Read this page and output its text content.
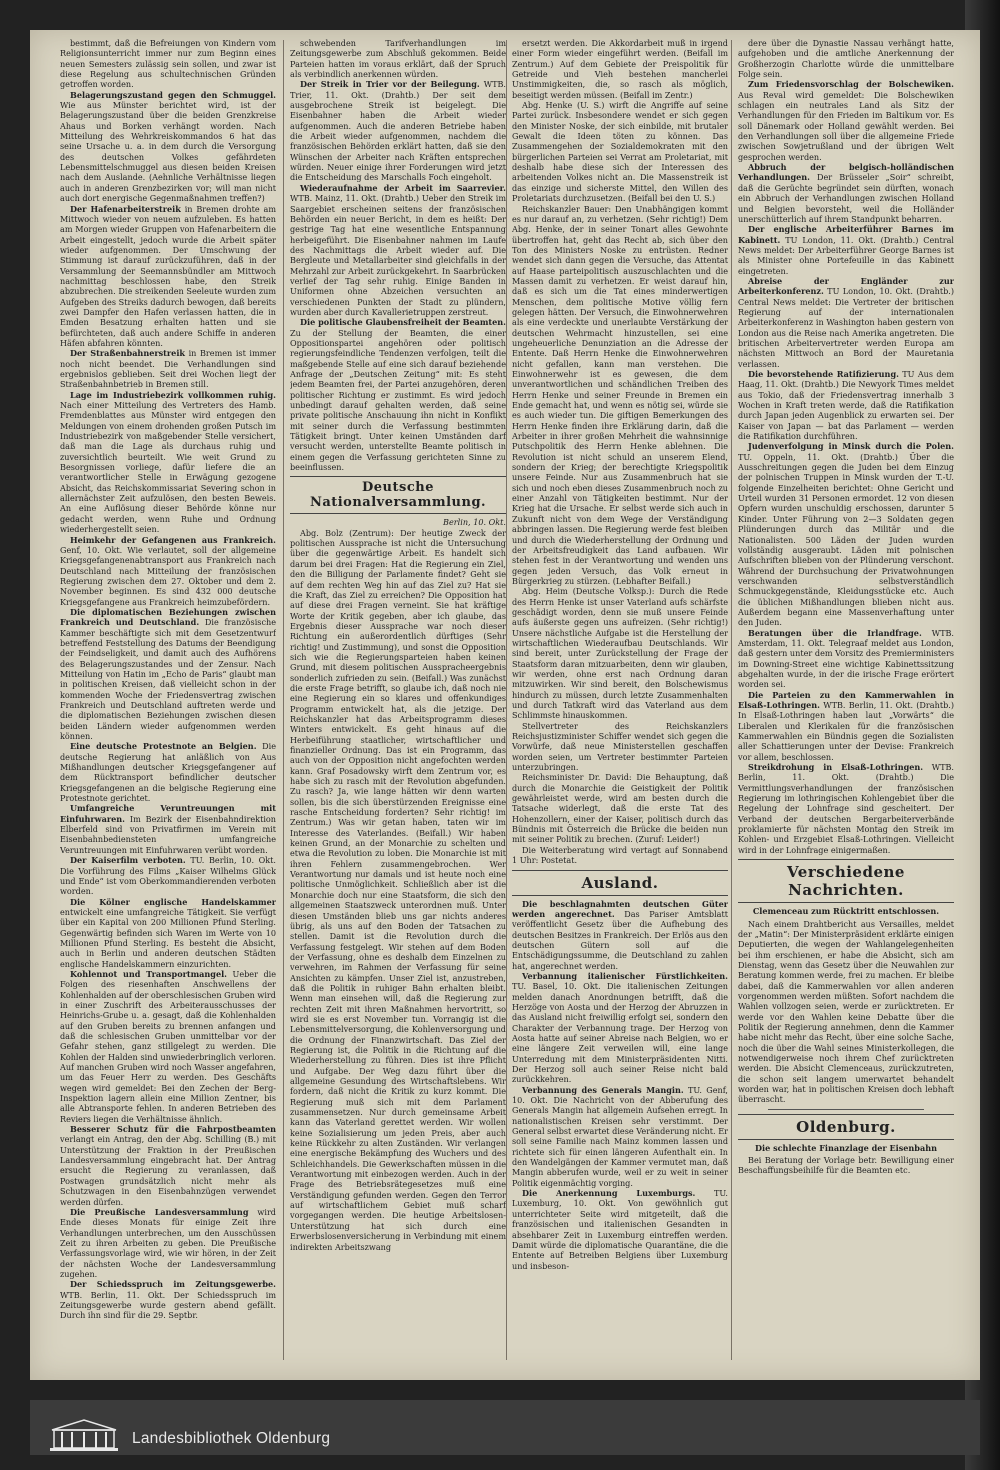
bestimmt, daß die Befreiungen von Kindern vom Religionsunterricht immer nur zum Beginn eines neuen Semesters zulässig sein sollen, und zwar ist diese Regelung aus schultechnischen Gründen getroffen worden.

Belagerungszustand gegen den Schmuggel. Wie aus Münster berichtet wird, ist der Belagerungszustand über die beiden Grenzkreise Ahaus und Borken verhängt worden. Nach Mitteilung des Wehrkreiskommandos 6 hat das seine Ursache u. a. in dem durch die Versorgung des deutschen Volkes gefährdeten Lebensmittelschmuggel aus diesen beiden Kreisen nach dem Auslande. (Aehnliche Verhältnisse liegen auch in anderen Grenzbezirken vor; will man nicht auch dort energische Gegenmaßnahmen treffen?)

Der Hafenarbeiterstreik in Bremen drohte am Mittwoch wieder von neuem aufzuleben. Es hatten am Morgen wieder Gruppen von Hafenarbeitern die Arbeit eingestellt, jedoch wurde die Arbeit später wieder aufgenommen. Der Umschwung der Stimmung ist darauf zurückzuführen, daß in der Versammlung der Seemannsbündler am Mittwoch nachmittag beschlossen habe, den Streik abzubrechen. Die streikenden Seeleute wurden zum Aufgeben des Streiks dadurch bewogen, daß bereits zwei Dampfer den Hafen verlassen hatten, die in Emden Besatzung erhalten hatten und sie befürchteten, daß auch andere Schiffe in anderen Häfen abfahren könnten.

Der Straßenbahnerstreik in Bremen ist immer noch nicht beendet. Die Verhandlungen sind ergebnislos geblieben. Seit drei Wochen liegt der Straßenbahnbetrieb in Bremen still.

Lage im Industriebezirk vollkommen ruhig. Nach einer Mitteilung des Vertreters des Hamb. Fremdenblattes aus Münster wird entgegen den Meldungen von einem drohenden großen Putsch im Industriebezirk von maßgebender Stelle versichert, daß man die Lage als durchaus ruhig und zuversichtlich beurteilt. Wie weit Grund zu Besorgnissen vorliege, dafür liefere die an verantwortlicher Stelle in Erwägung gezogene Absicht, das Reichskommissariat Severing schon in allernächster Zeit aufzulösen, den besten Beweis. An eine Auflösung dieser Behörde könne nur gedacht werden, wenn Ruhe und Ordnung wiederhergestellt seien.

Heimkehr der Gefangenen aus Frankreich. Genf, 10. Okt. Wie verlautet, soll der allgemeine Kriegsgefangenenabtransport aus Frankreich nach Deutschland nach Mitteilung der französischen Regierung zwischen dem 27. Oktober und dem 2. November beginnen. Es sind 432 000 deutsche Kriegsgefangene aus Frankreich heimzubefördern.

Die diplomatischen Beziehungen zwischen Frankreich und Deutschland. Die französische Kammer beschäftigte sich mit dem Gesetzentwurf betreffend Feststellung des Datums der Beendigung der Feindseligkeit, und damit auch des Aufhörens des Belagerungszustandes und der Zensur. Nach Mitteilung von Hatin im „Echo de Paris“ glaubt man in politischen Kreisen, daß vielleicht schon in der kommenden Woche der Friedensvertrag zwischen Frankreich und Deutschland auftreten werde und die diplomatischen Beziehungen zwischen diesen beiden Ländern wieder aufgenommen werden können.

Eine deutsche Protestnote an Belgien. Die deutsche Regierung hat anläßlich von Aus Mißhandlungen deutscher Kriegsgefangener auf dem Rücktransport befindlicher deutscher Kriegsgefangenen an die belgische Regierung eine Protestnote gerichtet.

Umfangreiche Veruntreuungen mit Einfuhrwaren. Im Bezirk der Eisenbahndirektion Elberfeld sind von Privatfirmen im Verein mit Eisenbahnbediensteten umfangreiche Veruntreuungen mit Einfuhrwaren verübt worden.

Der Kaiserfilm verboten. TU. Berlin, 10. Okt. Die Vorführung des Films „Kaiser Wilhelms Glück und Ende“ ist vom Oberkommandierenden verboten worden.

Die Kölner englische Handelskammer entwickelt eine umfangreiche Tätigkeit. Sie verfügt über ein Kapital von 200 Millionen Pfund Sterling. Gegenwärtig befinden sich Waren im Werte von 10 Millionen Pfund Sterling. Es besteht die Absicht, auch in Berlin und anderen deutschen Städten englische Handelskammern einzurichten.

Kohlennot und Transportmangel. Ueber die Folgen des riesenhaften Anschwellens der Kohlenhalden auf der oberschlesischen Gruben wird in einer Zuschrift des Arbeiterausschusses der Heinrichs-Grube u. a. gesagt, daß die Kohlenhalden auf den Gruben bereits zu brennen anfangen und daß die schlesischen Gruben unmittelbar vor der Gefahr stehen, ganz stillgelegt zu werden. Die Kohlen der Halden sind unwiederbringlich verloren. Auf manchen Gruben wird noch Wasser angefahren, um das Feuer Herr zu werden. Des Geschäfts wegen wird gemeldet: Bei den Zechen der Berg-Inspektion lagern allein eine Million Zentner, bis alle Abtransporte fehlen. In anderen Betrieben des Reviers liegen die Verhältnisse ähnlich.

Besserer Schutz für die Fahrpostbeamten verlangt ein Antrag, den der Abg. Schilling (B.) mit Unterstützung der Fraktion in der Preußischen Landesversammlung eingebracht hat. Der Antrag ersucht die Regierung zu veranlassen, daß Postwagen grundsätzlich nicht mehr als Schutzwagen in den Eisenbahnzügen verwendet werden dürfen.

Die Preußische Landesversammlung wird Ende dieses Monats für einige Zeit ihre Verhandlungen unterbrechen, um den Ausschüssen Zeit zu ihren Arbeiten zu geben. Die Preußische Verfassungsvorlage wird, wie wir hören, in der Zeit der nächsten Woche der Landesversammlung zugehen.

Der Schiedsspruch im Zeitungsgewerbe. WTB. Berlin, 11. Okt. Der Schiedsspruch im Zeitungsgewerbe wurde gestern abend gefällt. Durch ihn sind für die 29. Septbr.

schwebenden Tarifverhandlungen im Zeitungsgewerbe zum Abschluß gekommen. Beide Parteien hatten im voraus erklärt, daß der Spruch als verbindlich anerkennen würden.

Der Streik in Trier vor der Beilegung. WTB. Trier, 11. Okt. (Drahtb.) Der seit dem ausgebrochene Streik ist beigelegt. Die Eisenbahner haben die Arbeit wieder aufgenommen. Auch die anderen Betriebe haben die Arbeit wieder aufgenommen, nachdem die französischen Behörden erklärt hatten, daß sie den Wünschen der Arbeiter nach Kräften entsprechen würden. Neuer einige ihrer Forderungen wird jetzt die Entscheidung des Marschalls Foch eingeholt.

Wiederaufnahme der Arbeit im Saarrevier. WTB. Mainz, 11. Okt. (Drahtb.) Ueber den Streik im Saargebiet erscheinen seitens der französischen Behörden ein neuer Bericht, in dem es heißt: Der gestrige Tag hat eine wesentliche Entspannung herbeigeführt. Die Eisenbahner nahmen im Laufe des Nachmittags die Arbeit wieder auf. Die Bergleute und Metallarbeiter sind gleichfalls in der Mehrzahl zur Arbeit zurückgekehrt. In Saarbrücken verlief der Tag sehr ruhig. Einige Banden in Uniformen ohne Abzeichen versuchten an verschiedenen Punkten der Stadt zu plündern, wurden aber durch Kavallerietruppen zerstreut.

Die politische Glaubensfreiheit der Beamten. Zu der Stellung der Beamten, die einer Oppositionspartei angehören oder politisch regierungsfeindliche Tendenzen verfolgen, teilt die maßgebende Stelle auf eine sich darauf beziehende Anfrage der „Deutschen Zeitung“ mit: Es steht jedem Beamten frei, der Partei anzugehören, deren politischer Richtung er zustimmt. Es wird jedoch unbedingt darauf gehalten werden, daß seine private politische Anschauung ihn nicht in Konflikt mit seiner durch die Verfassung bestimmten Tätigkeit bringt. Unter keinen Umständen darf versucht werden, unterstellte Beamte politisch in einem gegen die Verfassung gerichteten Sinne zu beeinflussen.

Deutsche Nationalversammlung.
Berlin, 10. Okt.

Abg. Bolz (Zentrum): Der heutige Zweck der politischen Aussprache ist nicht die Untersuchung über die gegenwärtige Arbeit. Es handelt sich darum bei drei Fragen: Hat die Regierung ein Ziel, den die Billigung der Parlamente findet? Geht sie auf dem rechten Weg hin auf das Ziel zu? Hat sie die Kraft, das Ziel zu erreichen? Die Opposition hat auf diese drei Fragen verneint. Sie hat kräftige Worte der Kritik gegeben, aber ich glaube, das Ergebnis dieser Aussprache war noch dieser Richtung ein außerordentlich dürftiges (Sehr richtig! und Zustimmung), und sonst die Opposition sich wie die Regierungsparteien haben keinen Grund, mit diesem politischen Ausspracheergebnis sonderlich zufrieden zu sein. (Beifall.) Was zunächst die erste Frage betrifft, so glaube ich, daß noch nie eine Regierung ein so klares und offenkundiges Programm entwickelt hat, als die jetzige. Der Reichskanzler hat das Arbeitsprogramm dieses Winters entwickelt. Es geht hinaus auf die Herbeiführung staatlicher, wirtschaftlicher und finanzieller Ordnung. Das ist ein Programm, das auch von der Opposition nicht angefochten werden kann. Graf Posadowsky wirft dem Zentrum vor, es habe sich zu rasch mit der Revolution abgefunden. Zu rasch? Ja, wie lange hätten wir denn warten sollen, bis die sich überstürzenden Ereignisse eine rasche Entscheidung forderten? Sehr richtig! im Zentrum.) Was wir getan haben, taten wir im Interesse des Vaterlandes. (Beifall.) Wir haben keinen Grund, an der Monarchie zu schelten und etwa die Revolution zu loben. Die Monarchie ist mit ihren Fehlern zusammengebrochen. Wer Verantwortung nur damals und ist heute noch eine politische Unmöglichkeit. Schließlich aber ist die Monarchie doch nur eine Staatsform, die sich den allgemeinen Staatszweck unterordnen muß. Unter diesen Umständen blieb uns gar nichts anderes übrig, als uns auf den Boden der Tatsachen zu stellen. Damit ist die Revolution durch die Verfassung festgelegt. Wir stehen auf dem Boden der Verfassung, ohne es deshalb dem Einzelnen zu verwehren, im Rahmen der Verfassung für seine Ansichten zu kämpfen. Unser Ziel ist, anzustreben, daß die Politik in ruhiger Bahn erhalten bleibt. Wenn man einsehen will, daß die Regierung zur rechten Zeit mit ihren Maßnahmen hervortritt, so wird sie es erst November tun. Vorrangig ist die Lebensmittelversorgung, die Kohlenversorgung und die Ordnung der Finanzwirtschaft. Das Ziel der Regierung ist, die Politik in die Richtung auf die Wiederherstellung zu führen. Dies ist ihre Pflicht und Aufgabe. Der Weg dazu führt über die allgemeine Gesundung des Wirtschaftslebens. Wir fordern, daß nicht die Kritik zu kurz kommt. Die Regierung muß sich mit dem Parlament zusammensetzen. Nur durch gemeinsame Arbeit kann das Vaterland gerettet werden. Wir wollen keine Sozialisierung um jeden Preis, aber auch keine Rückkehr zu alten Zuständen. Wir verlangen eine energische Bekämpfung des Wuchers und des Schleichhandels. Die Gewerkschaften müssen in die Verantwortung mit einbezogen werden. Auch in der Frage des Betriebsrätegesetzes muß eine Verständigung gefunden werden. Gegen den Terror auf wirtschaftlichem Gebiet muß scharf vorgegangen werden. Die heutige Arbeitslosen-Unterstützung hat sich durch eine Erwerbslosenversicherung in Verbindung mit einem indirekten Arbeitszwang

ersetzt werden. Die Akkordarbeit muß in irgend einer Form wieder eingeführt werden. (Beifall im Zentrum.) Auf dem Gebiete der Preispolitik für Getreide und Vieh bestehen mancherlei Unstimmigkeiten, die, so rasch als möglich, beseitigt werden müssen. (Beifall im Zentr.)

Abg. Henke (U. S.) wirft die Angriffe auf seine Partei zurück. Insbesondere wendet er sich gegen den Minister Noske, der sich einbilde, mit brutaler Gewalt die Ideen töten zu können. Das Zusammengehen der Sozialdemokraten mit den bürgerlichen Parteien sei Verrat am Proletariat, mit deshalb habe diese sich der Interessen des arbeitenden Volkes nicht an. Die Massenstreik ist das einzige und sicherste Mittel, den Willen des Proletariats durchzusetzen. (Beifall bei den U. S.)

Reichskanzler Bauer: Den Unabhängigen kommt es nur darauf an, zu verhetzen. (Sehr richtig!) Dem Abg. Henke, der in seiner Tonart alles Gewohnte übertroffen hat, geht das Recht ab, sich über den Ton des Ministers Noske zu entrüsten. Redner wendet sich dann gegen die Versuche, das Attentat auf Haase parteipolitisch auszuschlachten und die Massen damit zu verhetzen. Er weist darauf hin, daß es sich um die Tat eines minderwertigen Menschen, dem politische Motive völlig fern gelegen hätten. Der Versuch, die Einwohnerwehren als eine verdeckte und unerlaubte Verstärkung der deutschen Wehrmacht hinzustellen, sei eine ungeheuerliche Denunziation an die Adresse der Entente. Daß Herrn Henke die Einwohnerwehren nicht gefallen, kann man verstehen. Die Einwohnerwehr ist es gewesen, die dem unverantwortlichen und schändlichen Treiben des Herrn Henke und seiner Freunde in Bremen ein Ende gemacht hat, und wenn es nötig sei, würde sie es auch wieder tun. Die giftigen Bemerkungen des Herrn Henke finden ihre Erklärung darin, daß die Arbeiter in ihrer großen Mehrheit die wahnsinnige Putschpolitik des Herrn Henke ablehnen. Die Revolution ist nicht schuld an unserem Elend, sondern der Krieg; der berechtigte Kriegspolitik unsere Feinde. Nur aus Zusammenbruch hat sie sich und noch eben dieses Zusammenbruch noch zu einer Anzahl von Tätigkeiten bestimmt. Nur der Krieg hat die Ursache. Er selbst werde sich auch in Zukunft nicht von dem Wege der Verständigung abbringen lassen. Die Regierung werde fest bleiben und durch die Wiederherstellung der Ordnung und der Arbeitsfreudigkeit das Land aufbauen. Wir stehen fest in der Verantwortung und wenden uns gegen jeden Versuch, das Volk erneut in Bürgerkrieg zu stürzen. (Lebhafter Beifall.)

Abg. Heim (Deutsche Volksp.): Durch die Rede des Herrn Henke ist unser Vaterland aufs schärfste geschädigt worden, denn sie muß unsere Feinde aufs äußerste gegen uns aufreizen. (Sehr richtig!) Unsere nächstliche Aufgabe ist die Herstellung der wirtschaftlichen Wiederaufbau Deutschlands. Wir sind bereit, unter Zurückstellung der Frage der Staatsform daran mitzuarbeiten, denn wir glauben, wir werden, ohne erst nach Ordnung daran mitzuwirken. Wir sind bereit, den Bolschewismus hindurch zu müssen, durch letzte Zusammenhalten und durch Tatkraft wird das Vaterland aus dem Schlimmste hinauskommen.

Stellvertreter des Reichskanzlers Reichsjustizminister Schiffer wendet sich gegen die Vorwürfe, daß neue Ministerstellen geschaffen worden seien, um Vertreter bestimmter Parteien unterzubringen.

Reichsminister Dr. David: Die Behauptung, daß durch die Monarchie die Geistigkeit der Politik gewährleistet werde, wird am besten durch die Tatsache widerlegt, daß die erste Tat des Hohenzollern, einer der Kaiser, politisch durch das Bündnis mit Österreich die Brücke die beiden nun mit seiner Politik zu brechen. (Zuruf: Leider!)

Die Weiterberatung wird vertagt auf Sonnabend 1 Uhr: Postetat.

Ausland.

Die beschlagnahmten deutschen Güter werden angerechnet. Das Pariser Amtsblatt veröffentlicht Gesetz über die Aufhebung des deutschen Besitzes in Frankreich. Der Erlös aus den deutschen Gütern soll auf die Entschädigungssumme, die Deutschland zu zahlen hat, angerechnet werden.

Verbannung italienischer Fürstlichkeiten. TU. Basel, 10. Okt. Die italienischen Zeitungen melden danach Anordnungen betrifft, daß die Herzöge von Aosta und der Herzog der Abruzzen in das Ausland nicht freiwillig erfolgt sei, sondern den Charakter der Verbannung trage. Der Herzog von Aosta hatte auf seiner Abreise nach Belgien, wo er eine längere Zeit verweilen will, eine lange Unterredung mit dem Ministerpräsidenten Nitti. Der Herzog soll auch seiner Reise nicht bald zurückkehren.

Verbannung des Generals Mangin. TU. Genf, 10. Okt. Die Nachricht von der Abberufung des Generals Mangin hat allgemein Aufsehen erregt. In nationalistischen Kreisen sehr verstimmt. Der General selbst erwartet diese Veränderung nicht. Er soll seine Familie nach Mainz kommen lassen und richtete sich für einen längeren Aufenthalt ein. In den Wandelgängen der Kammer vermutet man, daß Mangin abberufen wurde, weil er zu weit in seiner Politik eigenmächtig vorging.

Die Anerkennung Luxemburgs. TU. Luxemburg, 10. Okt. Von gewöhnlich gut unterrichteter Seite wird mitgeteilt, daß die französischen und italienischen Gesandten in absehbarer Zeit in Luxemburg eintreffen werden. Damit würde die diplomatische Quarantäne, die die Entente auf Betreiben Belgiens über Luxemburg und insbeson-

dere über die Dynastie Nassau verhängt hatte, aufgehoben und die amtliche Anerkennung der Großherzogin Charlotte würde die unmittelbare Folge sein.

Zum Friedensvorschlag der Bolschewiken. Aus Reval wird gemeldet: Die Bolschewiken schlagen ein neutrales Land als Sitz der Verhandlungen für den Frieden im Baltikum vor. Es soll Dänemark oder Holland gewählt werden. Bei den Verhandlungen soll über die allgemeine Friede zwischen Sowjetrußland und der übrigen Welt gesprochen werden.

Abbruch der belgisch-holländischen Verhandlungen. Der Brüsseler „Soir“ schreibt, daß die Gerüchte begründet sein dürften, wonach ein Abbruch der Verhandlungen zwischen Holland und Belgien bevorsteht, weil die Holländer unerschütterlich auf ihrem Standpunkt beharren.

Der englische Arbeiterführer Barnes im Kabinett. TU London, 11. Okt. (Drahtb.) Central News meldet: Der Arbeiterführer George Barnes ist als Minister ohne Portefeuille in das Kabinett eingetreten.

Abreise der Engländer zur Arbeiterkonferenz. TU London, 10. Okt. (Drahtb.) Central News meldet: Die Vertreter der britischen Regierung auf der internationalen Arbeiterkonferenz in Washington haben gestern von London aus die Reise nach Amerika angetreten. Die britischen Arbeitervertreter werden Europa am nächsten Mittwoch an Bord der Mauretania verlassen.

Die bevorstehende Ratifizierung. TU Aus dem Haag, 11. Okt. (Drahtb.) Die Newyork Times meldet aus Tokio, daß der Friedensvertrag innerhalb 3 Wochen in Kraft treten werde, daß die Ratifikation durch Japan jeden Augenblick zu erwarten sei. Der Kaiser von Japan — bat das Parlament — werden die Ratifikation durchführen.

Judenverfolgung in Minsk durch die Polen. TU. Oppeln, 11. Okt. (Drahtb.) Über die Ausschreitungen gegen die Juden bei dem Einzug der polnischen Truppen in Minsk wurden der T.-U. folgende Einzelheiten berichtet: Ohne Gericht und Urteil wurden 31 Personen ermordet. 12 von diesen Opfern wurden unschuldig erschossen, darunter 5 Kinder. Unter Führung von 2—3 Soldaten gegen Plünderungen durch das Militär und die Nationalisten. 500 Läden der Juden wurden vollständig ausgeraubt. Läden mit polnischen Aufschriften blieben von der Plünderung verschont. Während der Durchsuchung der Privatwohnungen verschwanden selbstverständlich Schmuckgegenstände, Kleidungsstücke etc. Auch die üblichen Mißhandlungen blieben nicht aus. Außerdem begann eine Massenverhaftung unter den Juden.

Beratungen über die Irlandfrage. WTB. Amsterdam, 11. Okt. Telegraaf meldet aus London, daß gestern unter dem Vorsitz des Premierministers im Downing-Street eine wichtige Kabinettssitzung abgehalten wurde, in der die irische Frage erörtert worden sei.

Die Parteien zu den Kammerwahlen in Elsaß-Lothringen. WTB. Berlin, 11. Okt. (Drahtb.) In Elsaß-Lothringen haben laut „Vorwärts“ die Liberalen und Klerikalen für die französischen Kammerwahlen ein Bündnis gegen die Sozialisten aller Schattierungen unter der Devise: Frankreich vor allem, beschlossen.

Streikdrohung in Elsaß-Lothringen. WTB. Berlin, 11. Okt. (Drahtb.) Die Vermittlungsverhandlungen der französischen Regierung im lothringischen Kohlengebiet über die Regelung der Lohnfrage sind gescheitert. Der Verband der deutschen Bergarbeiterverbände proklamierte für nächsten Montag den Streik im Kohlen- und Erzgebiet Elsaß-Lothringen. Vielleicht wird in der Lohnfrage einigermaßen.

Verschiedene Nachrichten.
Clemenceau zum Rücktritt entschlossen.

Nach einem Drahtbericht aus Versailles, meldet der „Matin“: Der Ministerpräsident erklärte einigen Deputierten, die wegen der Wahlangelegenheiten bei ihm erschienen, er habe die Absicht, sich am Dienstag, wenn das Gesetz über die Neuwahlen zur Beratung kommen werde, frei zu machen. Er bleibe dabei, daß die Kammerwahlen vor allen anderen vorgenommen werden müßten. Sofort nachdem die Wahlen vollzogen seien, werde er zurücktreten. Er werde vor den Wahlen keine Debatte über die Politik der Regierung annehmen, denn die Kammer habe nicht mehr das Recht, über eine solche Sache, noch die über die Wahl seines Ministerkollegen, die notwendigerweise noch ihrem Chef zurücktreten werden. Die Absicht Clemenceaus, zurückzutreten, die schon seit langem umerwartet behandelt worden war, hat in politischen Kreisen doch lebhaft überrascht.

Oldenburg.
Die schlechte Finanzlage der Eisenbahn

Bei Beratung der Vorlage betr. Bewilligung einer Beschaffungsbeihilfe für die Beamten etc.

Landesbibliothek Oldenburg
